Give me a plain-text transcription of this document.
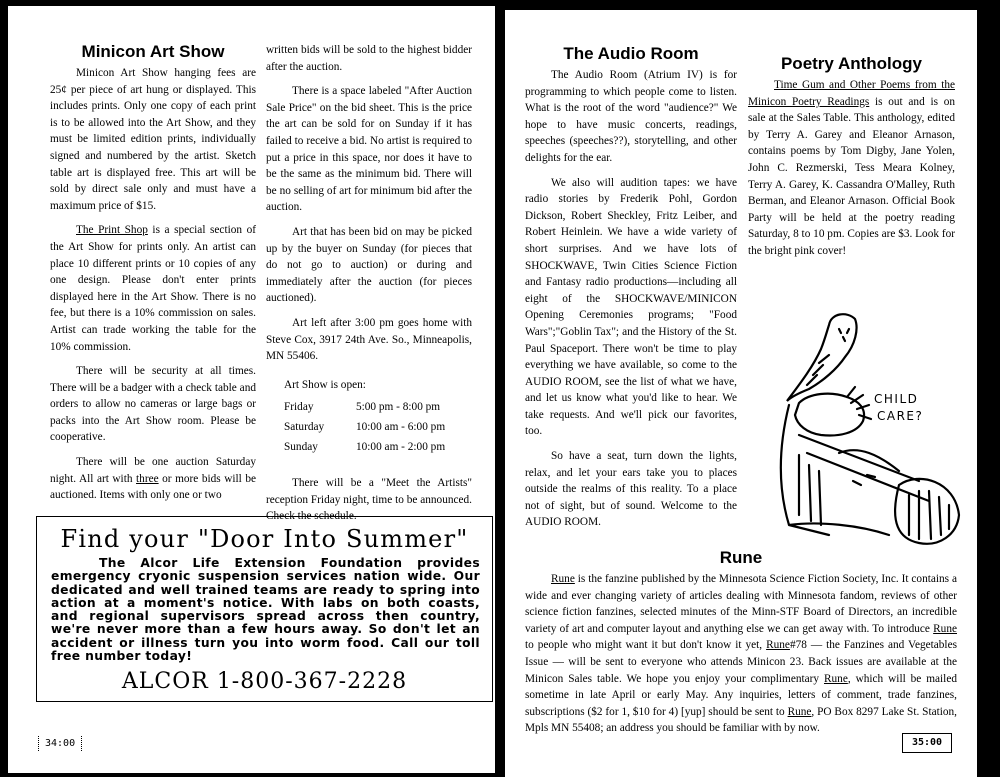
Minicon Art Show

Minicon Art Show hanging fees are 25¢ per piece of art hung or displayed. This includes prints. Only one copy of each print is to be allowed into the Art Show, and they must be limited edition prints, individually signed and numbered by the artist. Sketch table art is displayed free. This art will be sold by direct sale only and must have a maximum price of $15.

The Print Shop is a special section of the Art Show for prints only. An artist can place 10 different prints or 10 copies of any one design. Please don't enter prints displayed here in the Art Show. There is no fee, but there is a 10% commission on sales. Artist can trade working the table for the 10% commission.

There will be security at all times. There will be a badger with a check table and orders to allow no cameras or large bags or packs into the Art Show room. Please be cooperative.

There will be one auction Saturday night. All art with three or more bids will be auctioned. Items with only one or two

written bids will be sold to the highest bidder after the auction.

There is a space labeled "After Auction Sale Price" on the bid sheet. This is the price the art can be sold for on Sunday if it has failed to receive a bid. No artist is required to put a price in this space, nor does it have to be the same as the minimum bid. There will be no selling of art for minimum bid after the auction.

Art that has been bid on may be picked up by the buyer on Sunday (for pieces that do not go to auction) or during and immediately after the auction (for pieces auctioned).

Art left after 3:00 pm goes home with Steve Cox, 3917 24th Ave. So., Minneapolis, MN 55406.

Art Show is open:
Friday	5:00 pm - 8:00 pm
Saturday	10:00 am - 6:00 pm
Sunday	10:00 am - 2:00 pm

There will be a "Meet the Artists" reception Friday night, time to be announced. Check the schedule.

Find your "Door Into Summer"
The Alcor Life Extension Foundation provides emergency cryonic suspension services nation wide. Our dedicated and well trained teams are ready to spring into action at a moment's notice. With labs on both coasts, and regional supervisors spread across then country, we're never more than a few hours away. So don't let an accident or illness turn you into worm food. Call our toll free number today!
ALCOR 1-800-367-2228
34:00
The Audio Room

The Audio Room (Atrium IV) is for programming to which people come to listen. What is the root of the word "audience?" We hope to have music concerts, readings, speeches (speeches??), storytelling, and other delights for the ear.

We also will audition tapes: we have radio stories by Frederik Pohl, Gordon Dickson, Robert Sheckley, Fritz Leiber, and Robert Heinlein. We have a wide variety of short surprises. And we have lots of SHOCKWAVE, Twin Cities Science Fiction and Fantasy radio productions—including all eight of the SHOCKWAVE/MINICON Opening Ceremonies programs; "Food Wars";"Goblin Tax"; and the History of the St. Paul Spaceport. There won't be time to play everything we have available, so come to the AUDIO ROOM, see the list of what we have, and let us know what you'd like to hear. We take requests. And we'll pick our favorites, too.

So have a seat, turn down the lights, relax, and let your ears take you to places outside the realms of this reality. To a place not of sight, but of sound. Welcome to the AUDIO ROOM.

Poetry Anthology

Time Gum and Other Poems from the Minicon Poetry Readings is out and is on sale at the Sales Table. This anthology, edited by Terry A. Garey and Eleanor Arnason, contains poems by Tom Digby, Jane Yolen, John C. Rezmerski, Tess Meara Kolney, Terry A. Garey, K. Cassandra O'Malley, Ruth Berman, and Eleanor Arnason. Official Book Party will be held at the poetry reading Saturday, 8 to 10 pm. Copies are $3. Look for the bright pink cover!

CHILD
CARE?
Rune

Rune is the fanzine published by the Minnesota Science Fiction Society, Inc. It contains a wide and ever changing variety of articles dealing with Minnesota fandom, reviews of other science fiction fanzines, selected minutes of the Minn-STF Board of Directors, an incredible variety of art and computer layout and anything else we can get away with. To introduce Rune to people who might want it but don't know it yet, Rune#78 — the Fanzines and Vegetables Issue — will be sent to everyone who attends Minicon 23. Back issues are available at the Minicon Sales table. We hope you enjoy your complimentary Rune, which will be mailed sometime in late April or early May. Any inquiries, letters of comment, trade fanzines, subscriptions ($2 for 1, $10 for 4) [yup] should be sent to Rune, PO Box 8297 Lake St. Station, Mpls MN 55408; an address you should be familiar with by now.

35:00
